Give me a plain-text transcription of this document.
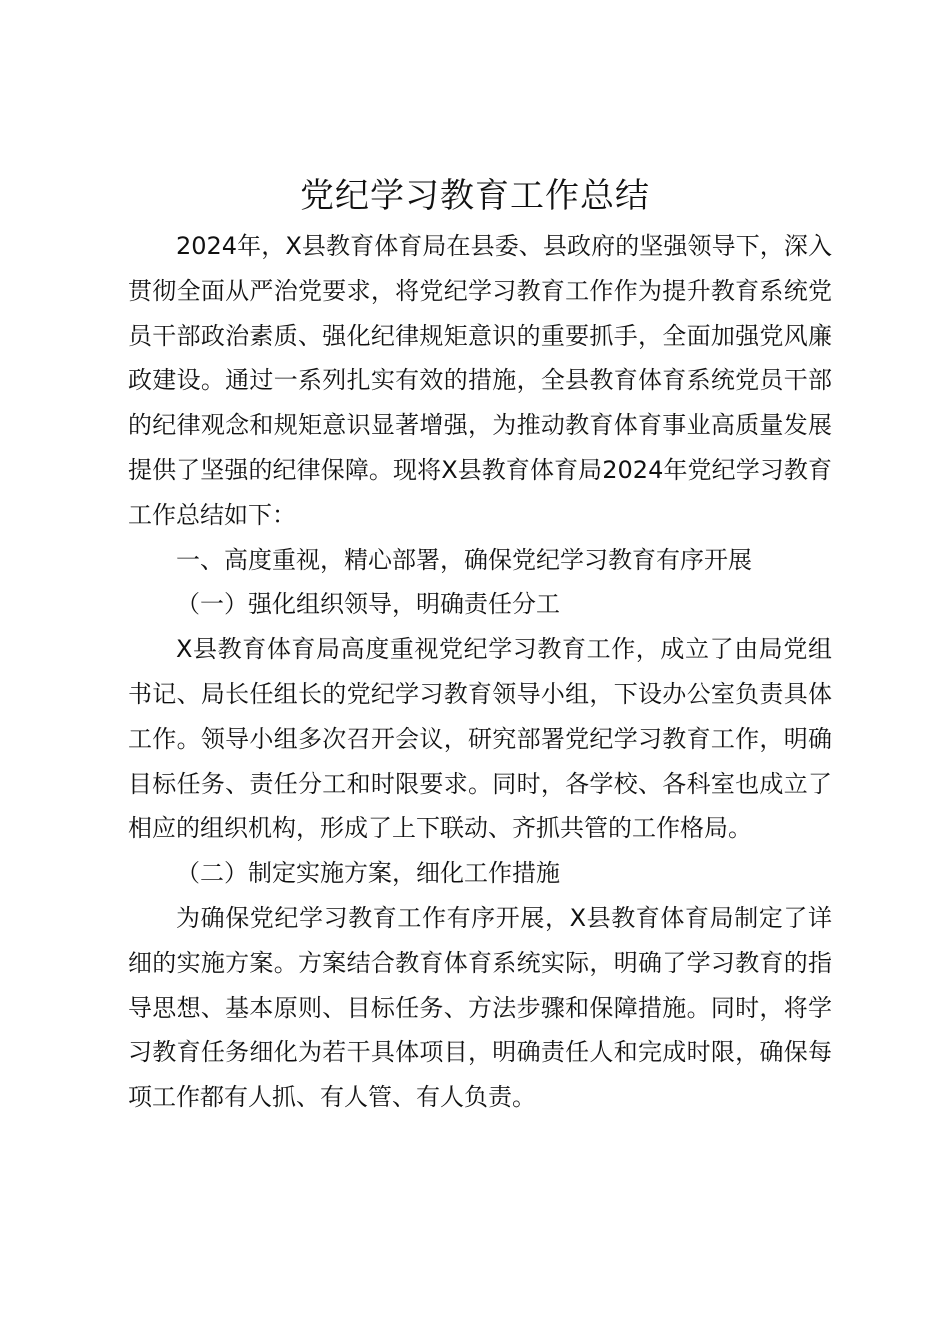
党纪学习教育工作总结

2024年，X县教育体育局在县委、县政府的坚强领导下，深入贯彻全面从严治党要求，将党纪学习教育工作作为提升教育系统党员干部政治素质、强化纪律规矩意识的重要抓手，全面加强党风廉政建设。通过一系列扎实有效的措施，全县教育体育系统党员干部的纪律观念和规矩意识显著增强，为推动教育体育事业高质量发展提供了坚强的纪律保障。现将X县教育体育局2024年党纪学习教育工作总结如下：

一、高度重视，精心部署，确保党纪学习教育有序开展

（一）强化组织领导，明确责任分工

X县教育体育局高度重视党纪学习教育工作，成立了由局党组书记、局长任组长的党纪学习教育领导小组，下设办公室负责具体工作。领导小组多次召开会议，研究部署党纪学习教育工作，明确目标任务、责任分工和时限要求。同时，各学校、各科室也成立了相应的组织机构，形成了上下联动、齐抓共管的工作格局。

（二）制定实施方案，细化工作措施

为确保党纪学习教育工作有序开展，X县教育体育局制定了详细的实施方案。方案结合教育体育系统实际，明确了学习教育的指导思想、基本原则、目标任务、方法步骤和保障措施。同时，将学习教育任务细化为若干具体项目，明确责任人和完成时限，确保每项工作都有人抓、有人管、有人负责。
